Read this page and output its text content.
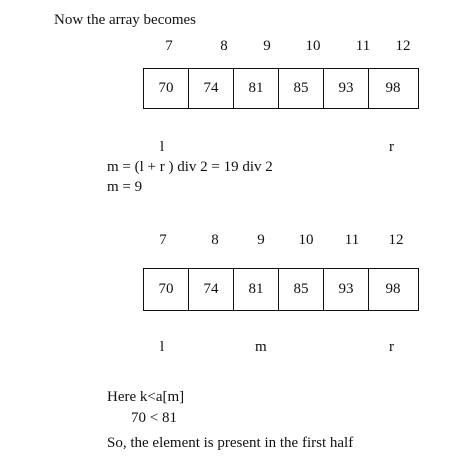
Now the array becomes
7	8	9	10	11	12
70	74	81	85	93	98
l	r
m = (l + r ) div 2 = 19 div 2
m = 9
7	8	9	10	11	12
70	74	81	85	93	98
l	m	r
Here k<a[m]
70 < 81
So, the element is present in the first half
